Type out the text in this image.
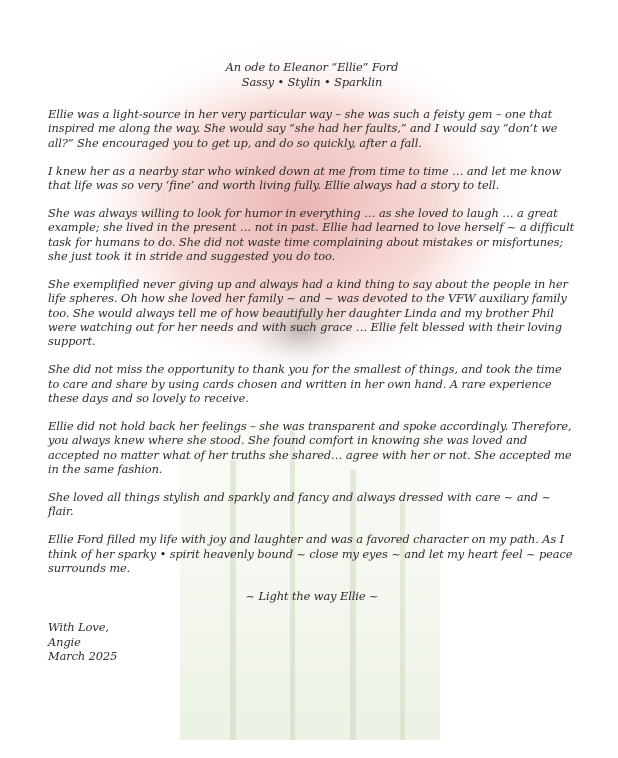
An ode to Eleanor “Ellie” Ford
Sassy • Stylin • Sparklin

Ellie was a light-source in her very particular way – she was such a feisty gem – one that inspired me along the way. She would say “she had her faults,” and I would say “don’t we all?” She encouraged you to get up, and do so quickly, after a fall.

I knew her as a nearby star who winked down at me from time to time … and let me know that life was so very ‘fine’ and worth living fully. Ellie always had a story to tell.

She was always willing to look for humor in everything … as she loved to laugh … a great example; she lived in the present … not in past. Ellie had learned to love herself ~ a difficult task for humans to do. She did not waste time complaining about mistakes or misfortunes; she just took it in stride and suggested you do too.

She exemplified never giving up and always had a kind thing to say about the people in her life spheres. Oh how she loved her family ~ and ~ was devoted to the VFW auxiliary family too. She would always tell me of how beautifully her daughter Linda and my brother Phil were watching out for her needs and with such grace … Ellie felt blessed with their loving support.

She did not miss the opportunity to thank you for the smallest of things, and took the time to care and share by using cards chosen and written in her own hand. A rare experience these days and so lovely to receive.

Ellie did not hold back her feelings – she was transparent and spoke accordingly. Therefore, you always knew where she stood. She found comfort in knowing she was loved and accepted no matter what of her truths she shared… agree with her or not. She accepted me in the same fashion.

She loved all things stylish and sparkly and fancy and always dressed with care ~ and ~ flair.

Ellie Ford filled my life with joy and laughter and was a favored character on my path. As I think of her sparky • spirit heavenly bound ~ close my eyes ~ and let my heart feel ~ peace surrounds me.

~ Light the way Ellie ~
With Love,
Angie
March 2025
